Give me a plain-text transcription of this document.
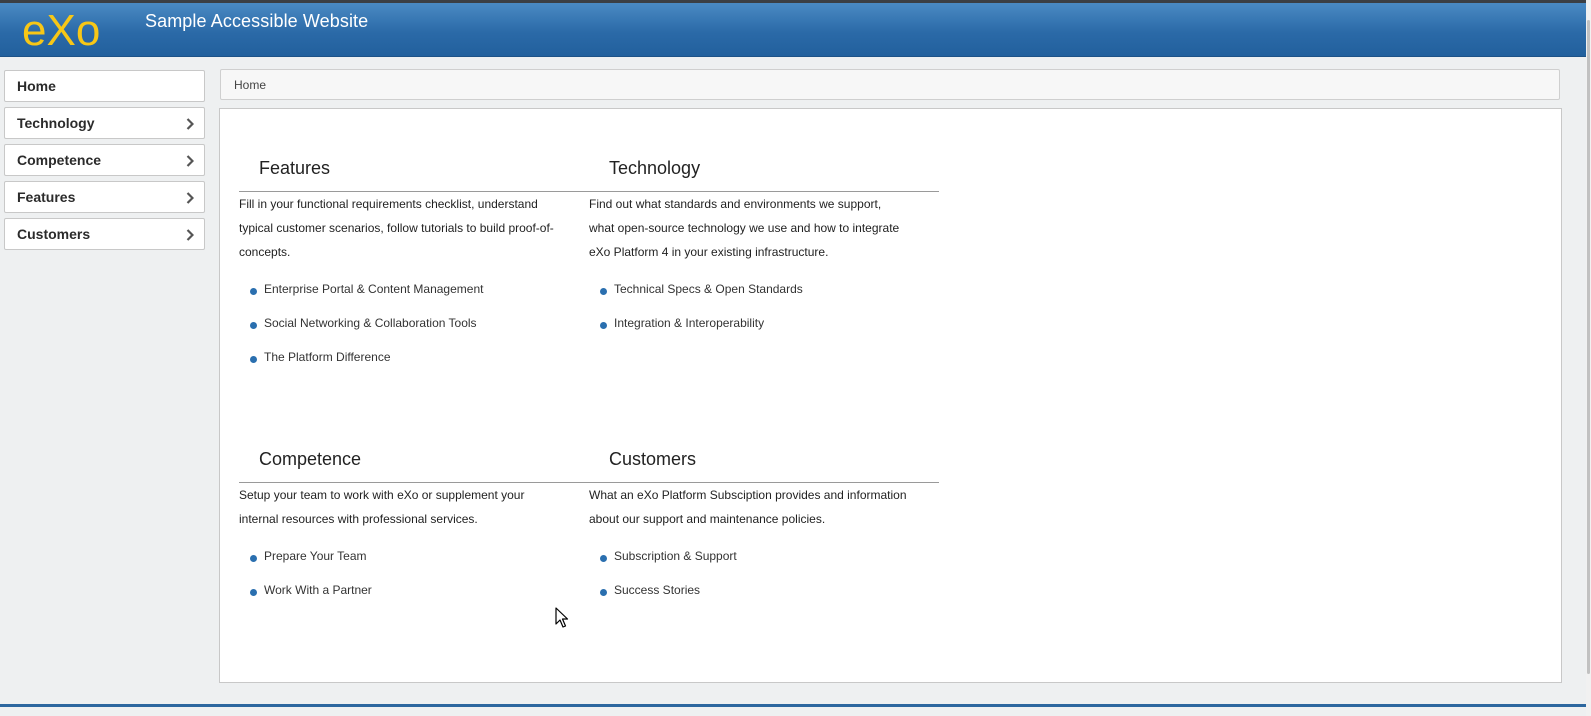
eXo Sample Accessible Website
Home
Technology
Competence
Features
Customers
Home
Features
Fill in your functional requirements checklist, understand typical customer scenarios, follow tutorials to build proof-of-concepts.
Enterprise Portal & Content Management
Social Networking & Collaboration Tools
The Platform Difference
Technology
Find out what standards and environments we support, what open-source technology we use and how to integrate eXo Platform 4 in your existing infrastructure.
Technical Specs & Open Standards
Integration & Interoperability
Competence
Setup your team to work with eXo or supplement your internal resources with professional services.
Prepare Your Team
Work With a Partner
Customers
What an eXo Platform Subsciption provides and information about our support and maintenance policies.
Subscription & Support
Success Stories
